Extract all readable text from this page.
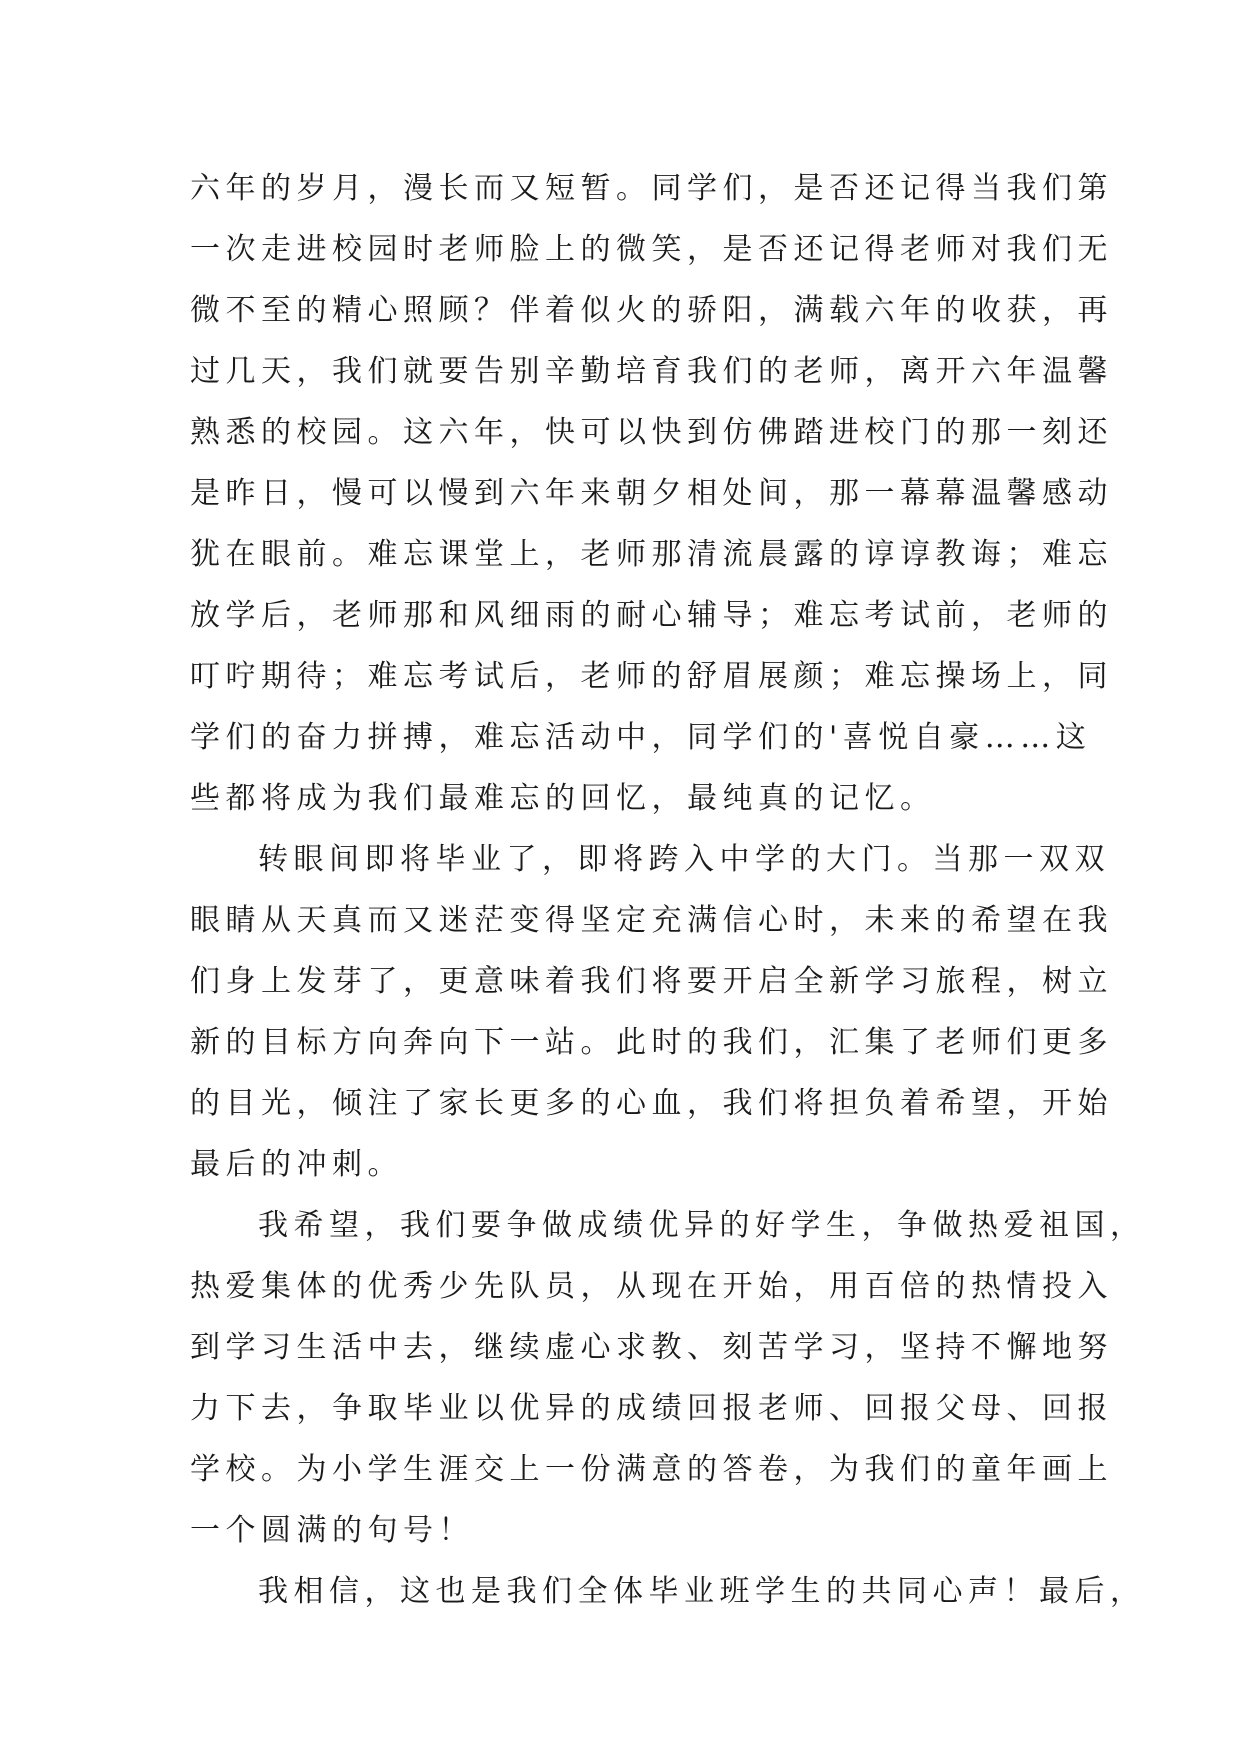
六年的岁月，漫长而又短暂。同学们，是否还记得当我们第
一次走进校园时老师脸上的微笑，是否还记得老师对我们无
微不至的精心照顾？伴着似火的骄阳，满载六年的收获，再
过几天，我们就要告别辛勤培育我们的老师，离开六年温馨
熟悉的校园。这六年，快可以快到仿佛踏进校门的那一刻还
是昨日，慢可以慢到六年来朝夕相处间，那一幕幕温馨感动
犹在眼前。难忘课堂上，老师那清流晨露的谆谆教诲；难忘
放学后，老师那和风细雨的耐心辅导；难忘考试前，老师的
叮咛期待；难忘考试后，老师的舒眉展颜；难忘操场上，同
学们的奋力拼搏，难忘活动中，同学们的'喜悦自豪……这
些都将成为我们最难忘的回忆，最纯真的记忆。
转眼间即将毕业了，即将跨入中学的大门。当那一双双
眼睛从天真而又迷茫变得坚定充满信心时，未来的希望在我
们身上发芽了，更意味着我们将要开启全新学习旅程，树立
新的目标方向奔向下一站。此时的我们，汇集了老师们更多
的目光，倾注了家长更多的心血，我们将担负着希望，开始
最后的冲刺。
我希望，我们要争做成绩优异的好学生，争做热爱祖国，
热爱集体的优秀少先队员，从现在开始，用百倍的热情投入
到学习生活中去，继续虚心求教、刻苦学习，坚持不懈地努
力下去，争取毕业以优异的成绩回报老师、回报父母、回报
学校。为小学生涯交上一份满意的答卷，为我们的童年画上
一个圆满的句号！
我相信，这也是我们全体毕业班学生的共同心声！最后，
